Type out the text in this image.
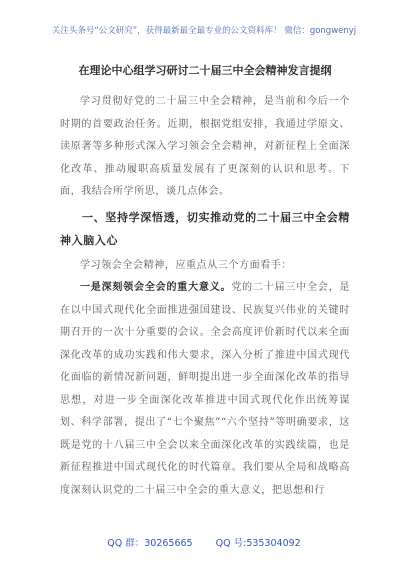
关注头条号“公文研究”，获得最新最全最专业的公文资料库！ 微信：gongwenyj
在理论中心组学习研讨二十届三中全会精神发言提纲

学习贯彻好党的二十届三中全会精神，是当前和今后一个时期的首要政治任务。近期，根据党组安排，我通过学原文、读原著等多种形式深入学习领会全会精神，对新征程上全面深化改革、推动履职高质量发展有了更深刻的认识和思考。下面，我结合所学所思，谈几点体会。

一、坚持学深悟透，切实推动党的二十届三中全会精神入脑入心

学习领会全会精神，应重点从三个方面看手：

一是深刻领会全会的重大意义。党的二十届三中全会，是在以中国式现代化全面推进强国建设、民族复兴伟业的关键时期召开的一次十分重要的会议。全会高度评价新时代以来全面深化改革的成功实践和伟大要求，深入分析了推进中国式现代化面临的新情况新问题，鲜明提出进一步全面深化改革的指导思想，对进一步全面深化改革推进中国式现代化作出统筹谋划、科学部署，提出了“七个聚焦”“六个坚持”等明确要求，这既是党的十八届三中全会以来全面深化改革的实践续篇，也是新征程推进中国式现代化的时代篇章。我们要从全局和战略高度深刻认识党的二十届三中全会的重大意义，把思想和行

QQ 群：30265665 QQ 号:535304092
